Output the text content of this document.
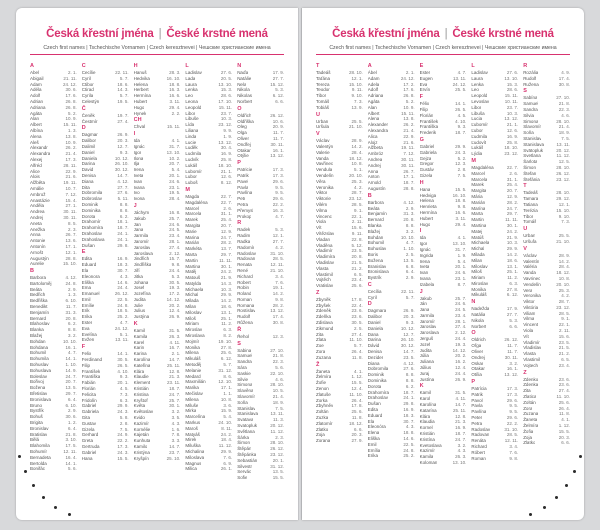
Česká křestní jména | České krstné mená
Czech first names | Tschechische Vornamen | Czech keresztnevei | Чешские христианские имена
A
Abel	2. 1.
Abigail	21. 11.
Adam	24. 12.
Adéla	30. 6.
Adolf	17. 6.
Adrian	26. 8.
Adriana	26. 8.
Agáta	5. 2.
Alan	10. 9.
Albert	15. 11.
Albína	1. 3.
Alena	13. 8.
Aleš	10. 9.
Alexandr	26. 2.
Alexandra	21. 4.
Alexej	17. 3.
Alfréd	28. 11.
Alice	22. 9.
Alois	21. 6.
Alžběta	19. 11.
Amálie	10. 7.
Ambrož	7. 12.
Anastázie	15. 4.
Anděla	27. 1.
Andrea	30. 11.
Andrej	30. 11.
Aneta	8. 5.
Anežka	2. 3.
Anna	26. 7.
Antonie	13. 6.
Antonín	17. 1.
Arnošt	12. 1.
Augustýn	28. 8.
Aurelie	15. 10.
B
Barbora	4. 12.
Bartoloměj	24. 8.
Beáta	2. 9.
Bedřich	1. 3.
Bedřiška	6. 10.
Benedikt	11. 7.
Benjamín	31. 3.
Bernard	20. 8.
Blahoslav	6. 2.
Blanka	8. 8.
Blažej	3. 2.
Bohdan	10. 10.
Bohdana	16. 1.
Bohumil	4. 7.
Bohumila	14. 1.
Bohuslav	1. 10.
Bohuslava	14. 9.
Boleslav	24. 7.
Bořivoj	20. 7.
Božena	13. 5.
Břetislav	29. 7.
Bronislava	6. 4.
Bruno	6. 10.
Bystřík	2. 9.
Bohuš	30. 6.
Brigita	1. 2.
Bronislav	6. 4.
Bratislav	21. 8.
Bělá	3. 10.
Blahomila	17. 5.
Bohumír	12. 11.
Bernadeta	16. 4.
Bertolda	14. 1.
Bonifác	5. 6.
C
Cecílie	22. 11.
Cyril	5. 7.
Ctibor	18. 6.
Ctirad	14. 3.
Cyrila	5. 7.
Celestýn	19. 5.
Č
Čeněk	19. 7.
Čestmír	27. 4.
D
Dagmar	26. 9.
Dalibor	20. 3.
Dalimil	12. 7.
Daniel	9. 3.
Daniela	10. 12.
Darina	26. 10.
David	30. 12.
Denisa	14. 7.
Diana	4. 12.
Dita	27. 7.
Dobromila	27. 6.
Dobroslav	5. 11.
Dominik	8. 8.
Dominika	8. 8.
Dorota	6. 2.
Drahomír	18. 1.
Drahomíra	18. 7.
Drahoslav	24. 1.
Drahoslava	24. 1.
Dušan	29. 8.
E
Edita	16. 9.
Eduard	18. 3.
Ela	30. 7.
Eleonora	4. 3.
Eliška	14. 6.
Ema	24. 4.
Emanuel	26. 12.
Emil	22. 5.
Emílie	24. 8.
Erik	18. 5.
Erika	25. 2.
Ester	4. 7.
Eva	24. 12.
Evelína	5. 1.
Evžen	13. 11.
F
Felix	14. 1.
Ferdinand	30. 5.
Filip	26. 5.
František	4. 10.
Františka	9. 3.
Fabián	20. 1.
Florián	4. 5.
Felicita	7. 3.
Fridolín	6. 3.
Gabriel	29. 9.
Gabriela	24. 3.
Gita	5. 8.
Gustav	2. 8.
Gizela	7. 5.
Gerhard	24. 9.
Greta	22. 2.
Gertruda	17. 3.
Gabriel	24. 3.
Hana	15. 5.
H
Hanuš	28. 3.
Hedvika	16. 10.
Helena	18. 8.
Herbert	16. 3.
Hermína	16. 6.
Hubert	3. 11.
Hugo	29. 4.
Hynek	2. 2.
CH
Chval	15. 11.
I
Ida	4. 1.
Ignác	31. 7.
Igor	13. 10.
Ilona	10. 2.
Ilja	20. 7.
Irena	5. 4.
Iveta	20. 1.
Ivan	24. 6.
Ivana	23. 1.
Ivo	19. 5.
Ivona	28. 4.
J
Jáchym	16. 8.
Jakub	25. 7.
Jan	24. 6.
Jana	24. 5.
Jarmila	23. 4.
Jaromír	28. 1.
Jaroslav	27. 4.
Jaroslava	2. 12.
Jindřich	15. 7.
Jindřiška	9. 8.
Jiří	24. 4.
Jitka	5. 3.
Johana	30. 5.
Josef	19. 3.
Jozefína	17. 2.
Judita	14. 12.
Julie	20. 2.
Julius	12. 4.
Justýna	26. 9.
K
Kamil	31. 5.
Kamila	26. 3.
Karel	4. 11.
Karin	16. 7.
Karina	2. 1.
Karolína	14. 7.
Kateřina	25. 11.
Klára	12. 8.
Klaudie	21. 3.
Klement	23. 11.
Kristián	18. 7.
Kristina	24. 7.
Kryštof	25. 7.
Květa	30. 1.
Květoslav	3. 2.
Kvido	3. 5.
Kazimír	4. 3.
Kornélie	1. 6.
Kajetán	7. 8.
Kunhuta	3. 3.
Kamilo	14. 7.
Kristýna	23. 7.
Kryšpín	25. 10.
L
Ladislav	27. 6.
Lada	20. 5.
Laura	13. 10.
Lenka	15. 3.
Leo	28. 6.
Leona	17. 10.
Leopold	15. 11.
Libor	23. 7.
Libuše	10. 3.
Lída	23. 12.
Liliana	9. 9.
Linda	1. 9.
Lucie	13. 12.
Luděk	30. 4.
Ludmila	16. 9.
Ludvík	25. 8.
Lukáš	18. 10.
Lubomír	21. 1.
Lubor	12. 6.
Luboš	8. 12.
M
Magda	22. 7.
Magdaléna	22. 7.
Marcel	2. 6.
Marcela	31. 1.
Marek	25. 4.
Margita	20. 7.
Marie	12. 9.
Marina	24. 7.
Marián	28. 2.
Markéta	13. 7.
Marta	29. 7.
Martin	11. 11.
Martina	30. 1.
Matěj	24. 2.
Matouš	21. 9.
Matylda	14. 3.
Michaela	10. 3.
Michal	29. 9.
Milada	14. 2.
Milan	18. 6.
Miloslav	13. 1.
Miloš	25. 1.
Miriam	11. 2.
Miroslav	6. 3.
Miroslava	8. 2.
Mojmír	19. 10.
Monika	27. 8.
Milena	25. 6.
Mikuláš	6. 12.
Metoděj	5. 7.
Melanie	31. 12.
Medard	8. 6.
Maxmilián	12. 10.
Marika	17. 1.
Mečislav	1. 1.
Milena	10. 8.
Miluše	3. 6.
Mirka	15. 9.
Marcelína	5. 4.
Markus	24. 10.
Maroš	8. 11.
Matyáš	24. 2.
Mirek	18. 4.
Miluška	11. 12.
Michalina	29. 9.
Miloslava	7. 6.
Magnus	6. 9.
Milica	26. 1.
N
Naďa	17. 9.
Natálie	27. 7.
Nela	15. 12.
Nikola	5. 3.
Nikolas	6. 12.
Norbert	6. 6.
O
Oldřich	26. 12.
Oldřiška	10. 6.
Oleg	20. 9.
Olga	11. 7.
Oliver	11. 7.
Ondřej	30. 11.
Otakar	16. 1.
Otýlie	13. 12.
P
Patricie	17. 3.
Patrik	17. 3.
Pavel	29. 6.
Pavla	9. 5.
Pavlína	9. 5.
Petr	29. 6.
Petra	22. 2.
Přemysl	16. 3.
Prokop	4. 7.
R
Radek	5. 3.
Radim	12. 1.
Radka	27. 7.
Radomír	4. 2.
Radoslav	31. 10.
Radovan	28. 5.
Renata	12. 11.
René	21. 10.
Richard	3. 4.
Robert	7. 6.
Robin	19. 1.
Roland	14. 2.
Roman	9. 8.
Romana	28. 2.
Rostislav	13. 12.
Rudolf	17. 4.
Růžena	30. 8.
Ř
Řehoř	12. 3.
S
Sabina	27. 10.
Samuel	21. 8.
Sandra	22. 3.
Sára	5. 6.
Saskie	22. 10.
Silvie	4. 6.
Simona	28. 10.
Slavěna	10. 5.
Slavomír	21. 4.
Soňa	18. 9.
Stanislav	7. 5.
Stanislava	13. 11.
Svatava	11. 3.
Svatopluk	20. 12.
Světlana	11. 12.
Šárka	2. 3.
Šimon	28. 10.
Štěpán	26. 12.
Štěpánka	23. 12.
Sebastián	20. 1.
Silvestr	31. 12.
Servác	13. 5.
Sofie	15. 5.
Česká křestní jména | České krstné mená
Czech first names | Tschechische Vornamen | Czech keresztnevei | Чешские христианские имена
T
Tadeáš	28. 10.
Taťána	12. 1.
Tereza	15. 10.
Teodor	9. 11.
Tibor	9. 10.
Tomáš	7. 3.
Tobiáš	13. 9.
U
Urban	25. 5.
Uršula	21. 10.
V
Václav	28. 9.
Valentýn	14. 2.
Valerie	28. 4.
Vanda	18. 12.
Vavřinec	10. 8.
Vendula	5. 1.
Vendelín	20. 10.
Věra	25. 3.
Veronika	4. 2.
Viktor	28. 7.
Viktorie	23. 12.
Vilém	28. 5.
Vilma	9. 1.
Vincenc	22. 1.
Viola	2. 11.
Vít	15. 6.
Vítězslav	9. 11.
Vladan	22. 8.
Vladěna	5. 12.
Vladimír	23. 5.
Vladimíra	20. 8.
Vladislav	21. 5.
Vlasta	21. 2.
Vlastimil	6. 5.
Vojtěch	23. 4.
Vratislav	25. 6.
Z
Zbyněk	17. 8.
Zbyšek	22. 4.
Zdeněk	23. 6.
Zdeňka	23. 6.
Zdislava	30. 5.
Zikmund	2. 5.
Zita	27. 4.
Zlata	11. 10.
Zoe	5. 7.
Zora	26. 4.
Zuzana	11. 8.
Ž
Žaneta	4. 1.
Želmíra	1. 12.
Žofie	15. 5.
Zenon	12. 4.
Zlatuše	11. 10.
Zorka	26. 4.
Zbyhněv	17. 8.
Zoltán	25. 6.
Zuzka	11. 8.
Zlatomír	18. 12.
Zlatko	6. 6.
Zoja	20. 3.
Zorana	27. 9.
A
Ábel	2. 1.
Adam	24. 12.
Adela	17. 2.
Adolf	17. 6.
Adriana	26. 8.
Agáta	5. 2.
Alan	10. 9.
Albert	15. 11.
Alena	13. 8.
Alexander	26. 2.
Alexandra	21. 4.
Alica	22. 9.
Alojz	21. 6.
Alžbeta	19. 11.
Ambróz	7. 12.
Andrea	30. 11.
Andrej	30. 11.
Anna	26. 7.
Anton	17. 1.
Arnold	18. 7.
Augustín	28. 8.
B
Barbora	4. 12.
Beáta	2. 9.
Benjamín	31. 3.
Bernard	20. 8.
Blanka	8. 8.
Blažej	3. 2.
Bohdan	10. 10.
Bohumil	4. 7.
Bohuslav	1. 10.
Boris	2. 5.
Božena	13. 5.
Branislav	6. 8.
Bronislava	6. 4.
Bystrík	2. 9.
C
Cecília	22. 11.
Cyril	5. 7.
D
Dagmara	26. 9.
Dalibor	20. 3.
Daniel	9. 3.
Daniela	10. 12.
Dana	12. 7.
Darina	26. 10.
Dávid	30. 12.
Denisa	14. 7.
Dezider	23. 5.
Diana	4. 12.
Dobromila	27. 6.
Dominik	8. 8.
Dominika	8. 8.
Dorota	6. 2.
Drahomíra	18. 7.
Drahoslav	24. 1.
Dušan	29. 8.
Edita	16. 9.
Eduard	18. 3.
Ela	30. 7.
Eleonóra	4. 3.
Elena	18. 8.
Eliška	14. 6.
Emil	22. 5.
Emília	24. 8.
Erika	25. 2.
E
Ester	4. 7.
Eugen	13. 11.
Eva	24. 12.
Ervín	25. 5.
F
Félix	14. 1.
Filip	26. 5.
Florián	4. 5.
František	4. 10.
Františka	9. 3.
Frederik	18. 7.
G
Gabriel	29. 9.
Gabriela	24. 3.
Gejza	5. 2.
Gregor	12. 3.
Gustáv	2. 8.
Gizela	7. 5.
H
Hana	15. 5.
Hedviga	16. 10.
Helena	18. 8.
Henrieta	9. 8.
Hermína	16. 6.
Hubert	3. 11.
Hugo	29. 4.
I
Ida	4. 1.
Igor	13. 10.
Ignác	31. 7.
Ingrida	1. 9.
Irena	5. 4.
Iveta	20. 1.
Ivan	24. 6.
Ivana	23. 1.
Izabela	8. 7.
J
Jakub	25. 7.
Ján	24. 6.
Jana	24. 5.
Jarmila	23. 4.
Jaromír	28. 1.
Jaroslav	27. 4.
Jaroslava	2. 12.
Jerguš	24. 4.
Jozef	19. 3.
Judita	14. 12.
Júlia	20. 2.
Juliana	16. 2.
Július	12. 4.
Juraj	24. 4.
Justína	26. 9.
K
Kamil	31. 5.
Karol	4. 11.
Karolína	14. 7.
Katarína	25. 11.
Klára	12. 8.
Klaudia	21. 3.
Kornel	16. 9.
Kristián	18. 7.
Kristína	24. 7.
Kvetoslava	3. 2.
Kazimír	4. 3.
Kamila	26. 3.
Koloman	13. 10.
L
Ladislav	27. 6.
Laura	13. 10.
Lenka	15. 3.
Leo	28. 6.
Leopold	15. 11.
Levoslav	10. 11.
Libor	23. 7.
Libuša	10. 3.
Lucia	13. 12.
Ľubomír	21. 1.
Ľubor	12. 6.
Ľudmila	16. 9.
Ľudovít	25. 8.
Lukáš	18. 10.
Lýdia	23. 12.
M
Magdaléna	22. 7.
Marcel	2. 6.
Marcela	31. 1.
Marek	25. 4.
Margita	20. 7.
Mária	12. 9.
Marián	28. 2.
Marína	24. 7.
Marta	29. 7.
Martin	11. 11.
Martina	30. 1.
Matej	24. 2.
Matúš	21. 9.
Michaela	10. 3.
Michal	29. 9.
Milada	14. 2.
Milan	18. 6.
Miloslav	13. 1.
Miloš	25. 1.
Miriam	11. 2.
Miroslav	6. 3.
Monika	27. 8.
Mikuláš	6. 12.
N
Nadežda	17. 9.
Natália	27. 7.
Nikola	5. 3.
Norbert	6. 6.
O
Oldrich	26. 12.
Oľga	11. 7.
Oliver	11. 7.
Ondrej	30. 11.
Oskar	3. 2.
Otakar	16. 1.
Otília	13. 12.
P
Patrícia	17. 3.
Patrik	17. 3.
Pavol	29. 6.
Pavla	9. 5.
Pavlína	9. 5.
Peter	29. 6.
Petra	22. 2.
Radoslav	31. 10.
Radovan	28. 5.
Renáta	12. 11.
Richard	3. 4.
Róbert	7. 6.
Roman	9. 8.
R
Rozália	4. 9.
Rudolf	17. 4.
Ružena	30. 8.
S
Sabína	27. 10.
Samuel	21. 8.
Sandra	22. 3.
Silvia	4. 6.
Simona	28. 10.
Slavomír	21. 4.
Soňa	18. 9.
Stanislav	7. 5.
Stanislava	13. 11.
Svätopluk	20. 12.
Svetlana	11. 12.
Šarlota	12. 5.
Šimon	28. 10.
Štefan	26. 12.
Štefánia	23. 12.
T
Tadeáš	28. 10.
Tamara	29. 12.
Tatiana	12. 1.
Terézia	15. 10.
Tibor	9. 10.
Tomáš	7. 3.
U
Urban	25. 5.
Uršuľa	21. 10.
V
Václav	28. 9.
Valentín	14. 2.
Valéria	28. 4.
Vanda	18. 12.
Vavrinec	10. 8.
Vendelín	20. 10.
Vera	25. 3.
Veronika	4. 2.
Viktor	28. 7.
Viktória	23. 12.
Viliam	28. 5.
Vilma	9. 1.
Vincent	22. 1.
Viola	2. 11.
Vít	15. 6.
Vladimír	23. 5.
Vladislav	21. 5.
Vlasta	21. 2.
Vlastimil	6. 5.
Vojtech	23. 4.
Z
Zdenko	23. 6.
Zdenka	23. 6.
Zita	27. 4.
Zlatica	11. 10.
Zoltán	25. 6.
Zora	26. 4.
Zuzana	11. 8.
Žaneta	4. 1.
Želmíra	1. 12.
Žofia	15. 5.
Zoja	20. 3.
Zlatko	6. 6.
